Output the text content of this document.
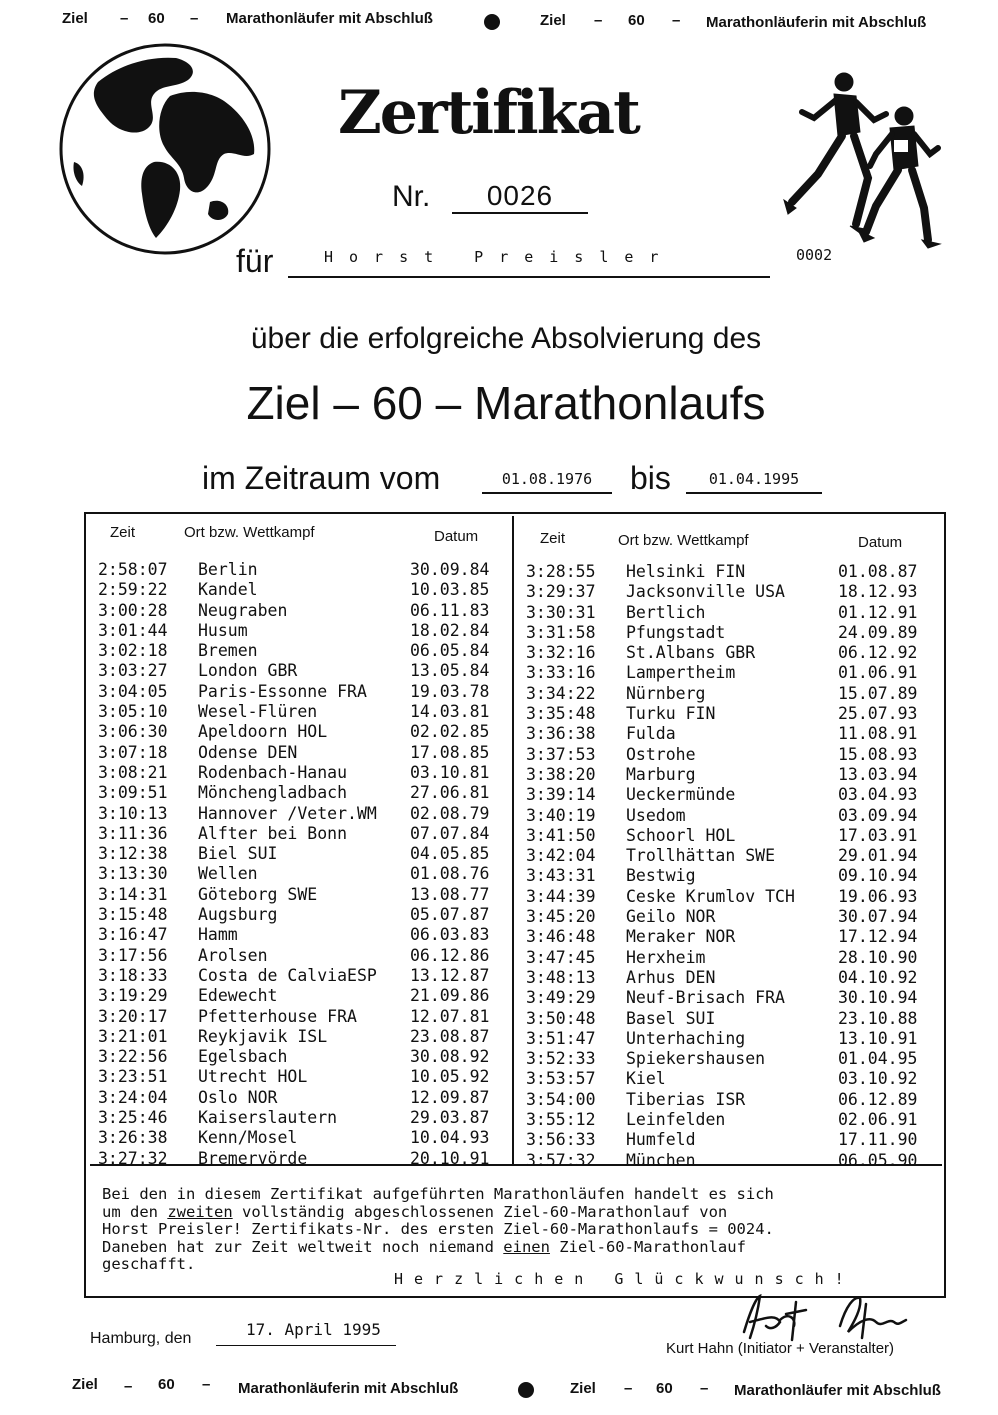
Ziel – 60 – Marathonläufer mit Abschluß	Ziel – 60 – Marathonläuferin mit Abschluß
Zertifikat
Nr.	0026
für	Horst Preisler	0002
über die erfolgreiche Absolvierung des
Ziel – 60 – Marathonlaufs
im Zeitraum vom	01.08.1976	bis	01.04.1995
Zeit	Ort bzw. Wettkampf	Datum	Zeit	Ort bzw. Wettkampf	Datum
2:58:07 Berlin	30.09.84
2:59:22 Kandel	10.03.85
3:00:28 Neugraben	06.11.83
3:01:44 Husum	18.02.84
3:02:18 Bremen	06.05.84
3:03:27 London GBR	13.05.84
3:04:05 Paris-Essonne FRA	19.03.78
3:05:10 Wesel-Flüren	14.03.81
3:06:30 Apeldoorn HOL	02.02.85
3:07:18 Odense DEN	17.08.85
3:08:21 Rodenbach-Hanau	03.10.81
3:09:51 Mönchengladbach	27.06.81
3:10:13 Hannover /Veter.WM 02.08.79
3:11:36 Alfter bei Bonn	07.07.84
3:12:38 Biel SUI	04.05.85
3:13:30 Wellen	01.08.76
3:14:31 Göteborg SWE	13.08.77
3:15:48 Augsburg	05.07.87
3:16:47 Hamm	06.03.83
3:17:56 Arolsen	06.12.86
3:18:33 Costa de CalviaESP 13.12.87
3:19:29 Edewecht	21.09.86
3:20:17 Pfetterhouse FRA	12.07.81
3:21:01 Reykjavik ISL	23.08.87
3:22:56 Egelsbach	30.08.92
3:23:51 Utrecht HOL	10.05.92
3:24:04 Oslo NOR	12.09.87
3:25:46 Kaiserslautern	29.03.87
3:26:38 Kenn/Mosel	10.04.93
3:27:32 Bremervörde	20.10.91
3:28:55 Helsinki FIN	01.08.87
3:29:37 Jacksonville USA	18.12.93
3:30:31 Bertlich	01.12.91
3:31:58 Pfungstadt	24.09.89
3:32:16 St.Albans GBR	06.12.92
3:33:16 Lampertheim	01.06.91
3:34:22 Nürnberg	15.07.89
3:35:48 Turku FIN	25.07.93
3:36:38 Fulda	11.08.91
3:37:53 Ostrohe	15.08.93
3:38:20 Marburg	13.03.94
3:39:14 Ueckermünde	03.04.93
3:40:19 Usedom	03.09.94
3:41:50 Schoorl HOL	17.03.91
3:42:04 Trollhättan SWE	29.01.94
3:43:31 Bestwig	09.10.94
3:44:39 Ceske Krumlov TCH	19.06.93
3:45:20 Geilo NOR	30.07.94
3:46:48 Meraker NOR	17.12.94
3:47:45 Herxheim	28.10.90
3:48:13 Arhus DEN	04.10.92
3:49:29 Neuf-Brisach FRA	30.10.94
3:50:48 Basel SUI	23.10.88
3:51:47 Unterhaching	13.10.91
3:52:33 Spiekershausen	01.04.95
3:53:57 Kiel	03.10.92
3:54:00 Tiberias ISR	06.12.89
3:55:12 Leinfelden	02.06.91
3:56:33 Humfeld	17.11.90
3:57:32 München	06.05.90

Bei den in diesem Zertifikat aufgeführten Marathonläufen handelt es sich

um den zweiten vollständig abgeschlossenen Ziel-60-Marathonlauf von

Horst Preisler! Zertifikats-Nr. des ersten Ziel-60-Marathonlaufs = 0024.

Daneben hat zur Zeit weltweit noch niemand einen Ziel-60-Marathonlauf

geschafft.

Herzlichen Glückwunsch!
Hamburg, den	17. April 1995
Kurt Hahn (Initiator + Veranstalter)
Ziel – 60 – Marathonläuferin mit Abschluß	Ziel – 60 – Marathonläufer mit Abschluß
